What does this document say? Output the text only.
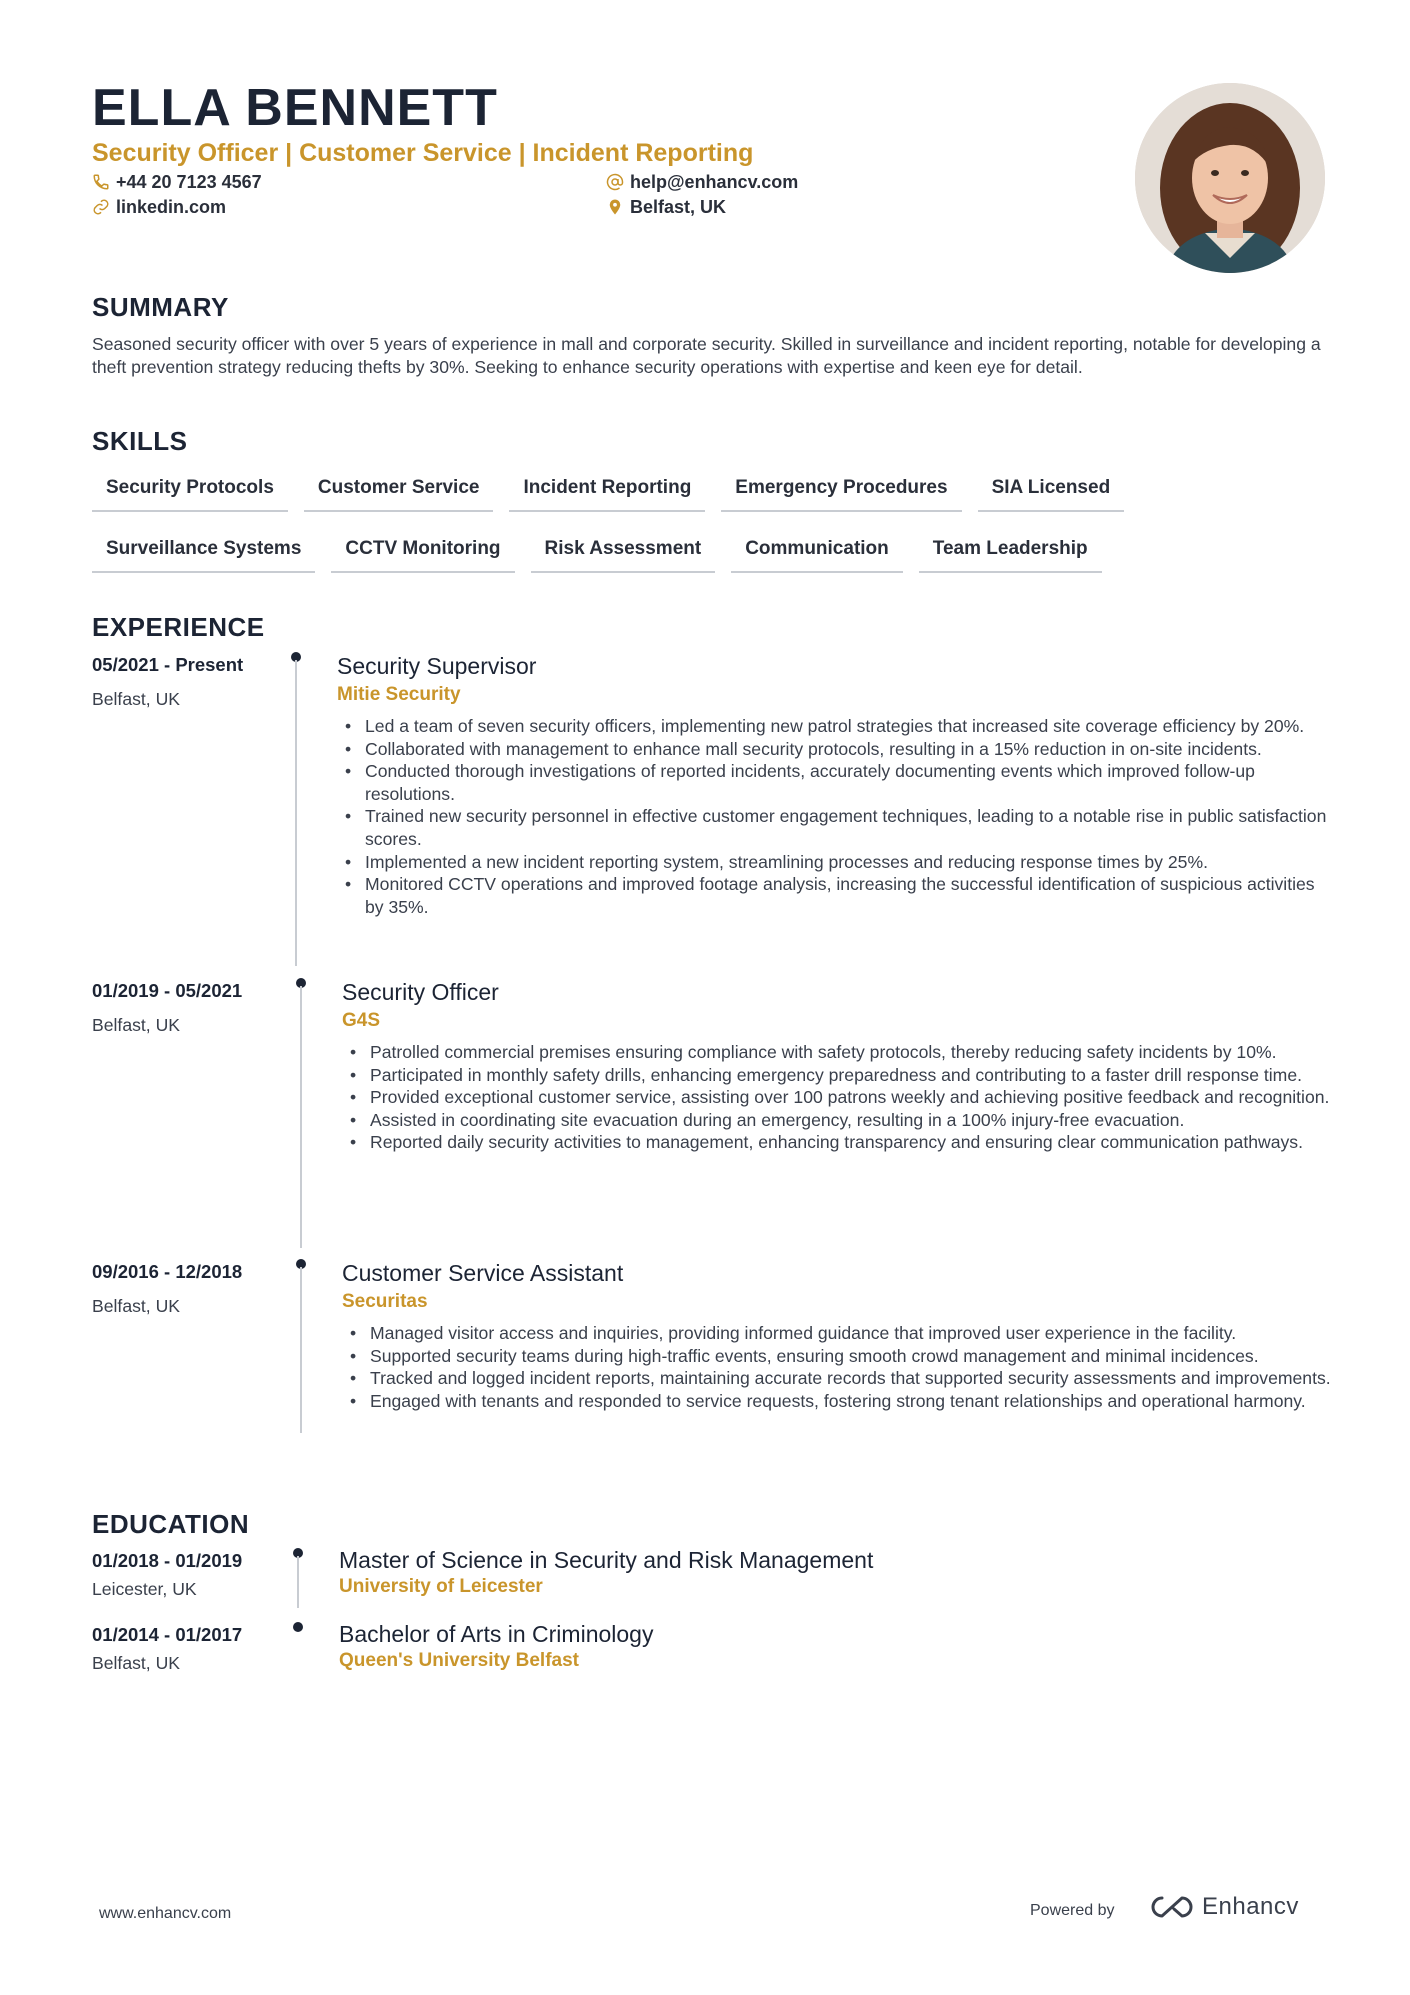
ELLA BENNETT
Security Officer | Customer Service | Incident Reporting
+44 20 7123 4567	help@enhancv.com
linkedin.com	Belfast, UK
SUMMARY

Seasoned security officer with over 5 years of experience in mall and corporate security. Skilled in surveillance and incident reporting, notable for developing a theft prevention strategy reducing thefts by 30%. Seeking to enhance security operations with expertise and keen eye for detail.

SKILLS
Security Protocols	Customer Service	Incident Reporting	Emergency Procedures	SIA Licensed
Surveillance Systems	CCTV Monitoring	Risk Assessment	Communication	Team Leadership
EXPERIENCE
05/2021 - Present
Belfast, UK
Security Supervisor
Mitie Security
• Led a team of seven security officers, implementing new patrol strategies that increased site coverage efficiency by 20%.
• Collaborated with management to enhance mall security protocols, resulting in a 15% reduction in on-site incidents.
• Conducted thorough investigations of reported incidents, accurately documenting events which improved follow-up resolutions.
• Trained new security personnel in effective customer engagement techniques, leading to a notable rise in public satisfaction scores.
• Implemented a new incident reporting system, streamlining processes and reducing response times by 25%.
• Monitored CCTV operations and improved footage analysis, increasing the successful identification of suspicious activities by 35%.
01/2019 - 05/2021
Belfast, UK
Security Officer
G4S
• Patrolled commercial premises ensuring compliance with safety protocols, thereby reducing safety incidents by 10%.
• Participated in monthly safety drills, enhancing emergency preparedness and contributing to a faster drill response time.
• Provided exceptional customer service, assisting over 100 patrons weekly and achieving positive feedback and recognition.
• Assisted in coordinating site evacuation during an emergency, resulting in a 100% injury-free evacuation.
• Reported daily security activities to management, enhancing transparency and ensuring clear communication pathways.
09/2016 - 12/2018
Belfast, UK
Customer Service Assistant
Securitas
• Managed visitor access and inquiries, providing informed guidance that improved user experience in the facility.
• Supported security teams during high-traffic events, ensuring smooth crowd management and minimal incidences.
• Tracked and logged incident reports, maintaining accurate records that supported security assessments and improvements.
• Engaged with tenants and responded to service requests, fostering strong tenant relationships and operational harmony.
EDUCATION
01/2018 - 01/2019
Leicester, UK
Master of Science in Security and Risk Management
University of Leicester
01/2014 - 01/2017
Belfast, UK
Bachelor of Arts in Criminology
Queen's University Belfast
www.enhancv.com	Powered by	Enhancv
